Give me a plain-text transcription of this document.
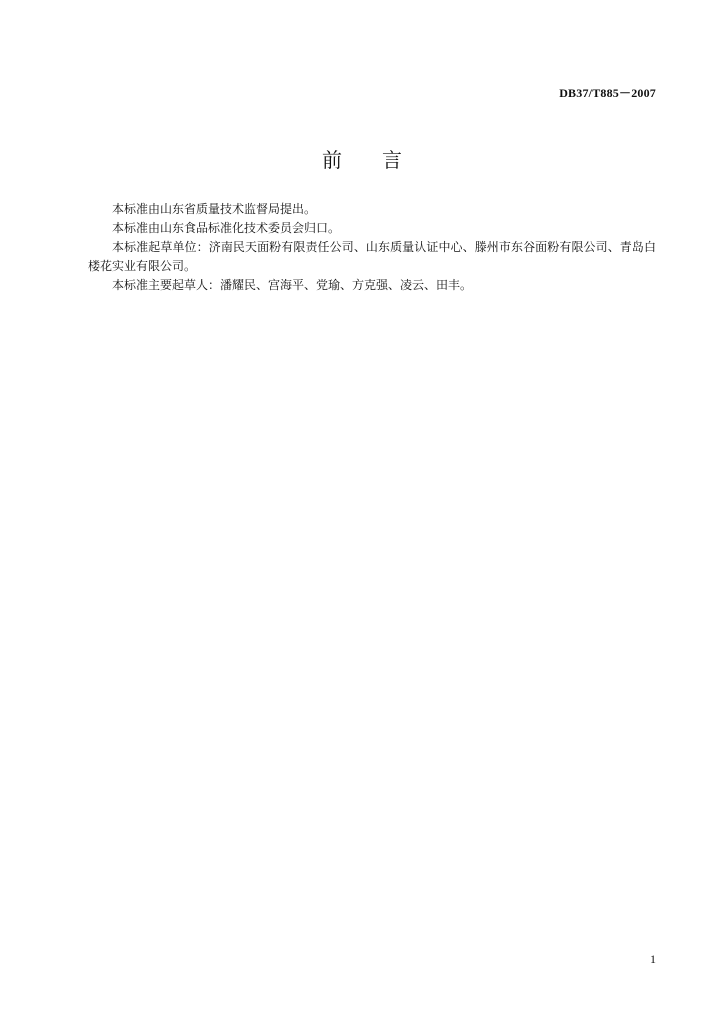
DB37/T885－2007
前 言

本标准由山东省质量技术监督局提出。

本标准由山东食品标准化技术委员会归口。

本标准起草单位：济南民天面粉有限责任公司、山东质量认证中心、滕州市东谷面粉有限公司、青岛白楼花实业有限公司。

本标准主要起草人：潘耀民、宫海平、党瑜、方克强、凌云、田丰。

1
